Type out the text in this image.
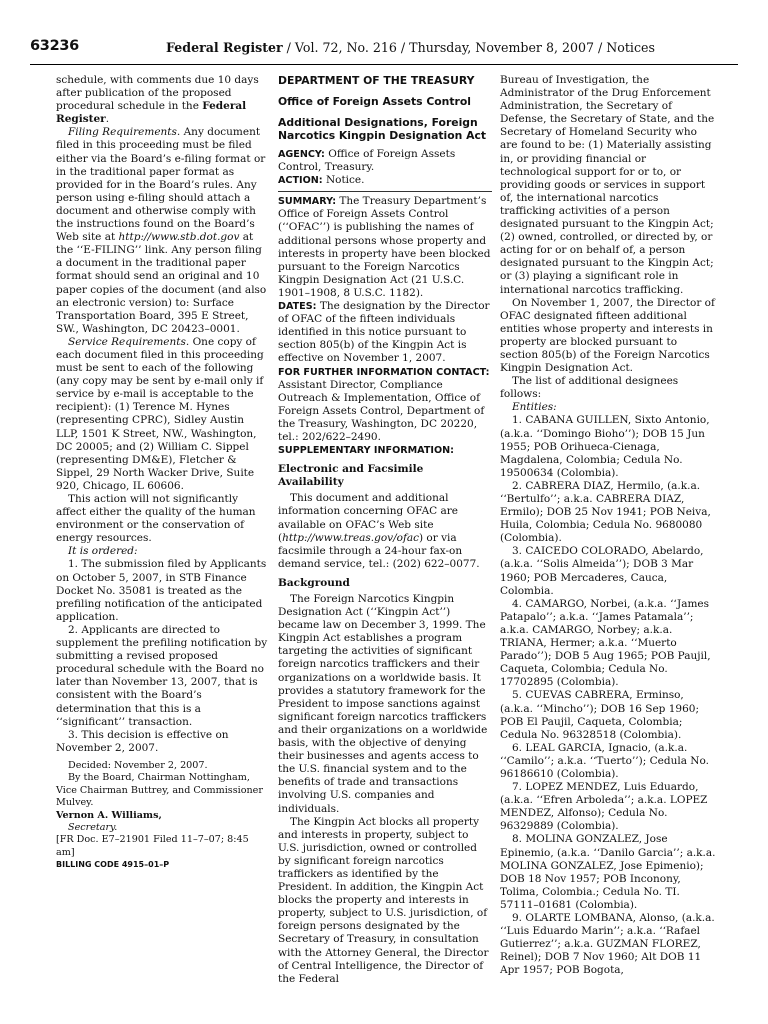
63236	Federal Register / Vol. 72, No. 216 / Thursday, November 8, 2007 / Notices

schedule, with comments due 10 days after publication of the proposed procedural schedule in the Federal Register.

Filing Requirements. Any document filed in this proceeding must be filed either via the Board’s e-filing format or in the traditional paper format as provided for in the Board’s rules. Any person using e-filing should attach a document and otherwise comply with the instructions found on the Board’s Web site at http://www.stb.dot.gov at the ‘‘E-FILING’’ link. Any person filing a document in the traditional paper format should send an original and 10 paper copies of the document (and also an electronic version) to: Surface Transportation Board, 395 E Street, SW., Washington, DC 20423–0001.

Service Requirements. One copy of each document filed in this proceeding must be sent to each of the following (any copy may be sent by e-mail only if service by e-mail is acceptable to the recipient): (1) Terence M. Hynes (representing CPRC), Sidley Austin LLP, 1501 K Street, NW., Washington, DC 20005; and (2) William C. Sippel (representing DM&E), Fletcher & Sippel, 29 North Wacker Drive, Suite 920, Chicago, IL 60606.

This action will not significantly affect either the quality of the human environment or the conservation of energy resources.

It is ordered:

1. The submission filed by Applicants on October 5, 2007, in STB Finance Docket No. 35081 is treated as the prefiling notification of the anticipated application.

2. Applicants are directed to supplement the prefiling notification by submitting a revised proposed procedural schedule with the Board no later than November 13, 2007, that is consistent with the Board’s determination that this is a ‘‘significant’’ transaction.

3. This decision is effective on November 2, 2007.

Decided: November 2, 2007.

By the Board, Chairman Nottingham, Vice Chairman Buttrey, and Commissioner Mulvey.

Vernon A. Williams,

Secretary.

[FR Doc. E7–21901 Filed 11–7–07; 8:45 am]

BILLING CODE 4915–01–P

DEPARTMENT OF THE TREASURY

Office of Foreign Assets Control

Additional Designations, Foreign Narcotics Kingpin Designation Act

AGENCY: Office of Foreign Assets Control, Treasury.

ACTION: Notice.

SUMMARY: The Treasury Department’s Office of Foreign Assets Control (‘‘OFAC’’) is publishing the names of additional persons whose property and interests in property have been blocked pursuant to the Foreign Narcotics Kingpin Designation Act (21 U.S.C. 1901–1908, 8 U.S.C. 1182).

DATES: The designation by the Director of OFAC of the fifteen individuals identified in this notice pursuant to section 805(b) of the Kingpin Act is effective on November 1, 2007.

FOR FURTHER INFORMATION CONTACT:

Assistant Director, Compliance Outreach & Implementation, Office of Foreign Assets Control, Department of the Treasury, Washington, DC 20220, tel.: 202/622–2490.

SUPPLEMENTARY INFORMATION:

Electronic and Facsimile Availability

This document and additional information concerning OFAC are available on OFAC’s Web site (http://www.treas.gov/ofac) or via facsimile through a 24-hour fax-on demand service, tel.: (202) 622–0077.

Background

The Foreign Narcotics Kingpin Designation Act (‘‘Kingpin Act’’) became law on December 3, 1999. The Kingpin Act establishes a program targeting the activities of significant foreign narcotics traffickers and their organizations on a worldwide basis. It provides a statutory framework for the President to impose sanctions against significant foreign narcotics traffickers and their organizations on a worldwide basis, with the objective of denying their businesses and agents access to the U.S. financial system and to the benefits of trade and transactions involving U.S. companies and individuals.

The Kingpin Act blocks all property and interests in property, subject to U.S. jurisdiction, owned or controlled by significant foreign narcotics traffickers as identified by the President. In addition, the Kingpin Act blocks the property and interests in property, subject to U.S. jurisdiction, of foreign persons designated by the Secretary of Treasury, in consultation with the Attorney General, the Director of Central Intelligence, the Director of the Federal

Bureau of Investigation, the Administrator of the Drug Enforcement Administration, the Secretary of Defense, the Secretary of State, and the Secretary of Homeland Security who are found to be: (1) Materially assisting in, or providing financial or technological support for or to, or providing goods or services in support of, the international narcotics trafficking activities of a person designated pursuant to the Kingpin Act; (2) owned, controlled, or directed by, or acting for or on behalf of, a person designated pursuant to the Kingpin Act; or (3) playing a significant role in international narcotics trafficking.

On November 1, 2007, the Director of OFAC designated fifteen additional entities whose property and interests in property are blocked pursuant to section 805(b) of the Foreign Narcotics Kingpin Designation Act.

The list of additional designees follows:

Entities:

1. CABANA GUILLEN, Sixto Antonio, (a.k.a. ‘‘Domingo Bioho’’); DOB 15 Jun 1955; POB Orihueca-Cienaga, Magdalena, Colombia; Cedula No. 19500634 (Colombia).

2. CABRERA DIAZ, Hermilo, (a.k.a. ‘‘Bertulfo’’; a.k.a. CABRERA DIAZ, Ermilo); DOB 25 Nov 1941; POB Neiva, Huila, Colombia; Cedula No. 9680080 (Colombia).

3. CAICEDO COLORADO, Abelardo, (a.k.a. ‘‘Solis Almeida’’); DOB 3 Mar 1960; POB Mercaderes, Cauca, Colombia.

4. CAMARGO, Norbei, (a.k.a. ‘‘James Patapalo’’; a.k.a. ‘‘James Patamala’’; a.k.a. CAMARGO, Norbey; a.k.a. TRIANA, Hermer; a.k.a. ‘‘Muerto Parado’’); DOB 5 Aug 1965; POB Paujil, Caqueta, Colombia; Cedula No. 17702895 (Colombia).

5. CUEVAS CABRERA, Erminso, (a.k.a. ‘‘Mincho’’); DOB 16 Sep 1960; POB El Paujil, Caqueta, Colombia; Cedula No. 96328518 (Colombia).

6. LEAL GARCIA, Ignacio, (a.k.a. ‘‘Camilo’’; a.k.a. ‘‘Tuerto’’); Cedula No. 96186610 (Colombia).

7. LOPEZ MENDEZ, Luis Eduardo, (a.k.a. ‘‘Efren Arboleda’’; a.k.a. LOPEZ MENDEZ, Alfonso); Cedula No. 96329889 (Colombia).

8. MOLINA GONZALEZ, Jose Epinemio, (a.k.a. ‘‘Danilo Garcia’’; a.k.a. MOLINA GONZALEZ, Jose Epimenio); DOB 18 Nov 1957; POB Inconony, Tolima, Colombia.; Cedula No. TI. 57111–01681 (Colombia).

9. OLARTE LOMBANA, Alonso, (a.k.a. ‘‘Luis Eduardo Marin’’; a.k.a. ‘‘Rafael Gutierrez’’; a.k.a. GUZMAN FLOREZ, Reinel); DOB 7 Nov 1960; Alt DOB 11 Apr 1957; POB Bogota,
